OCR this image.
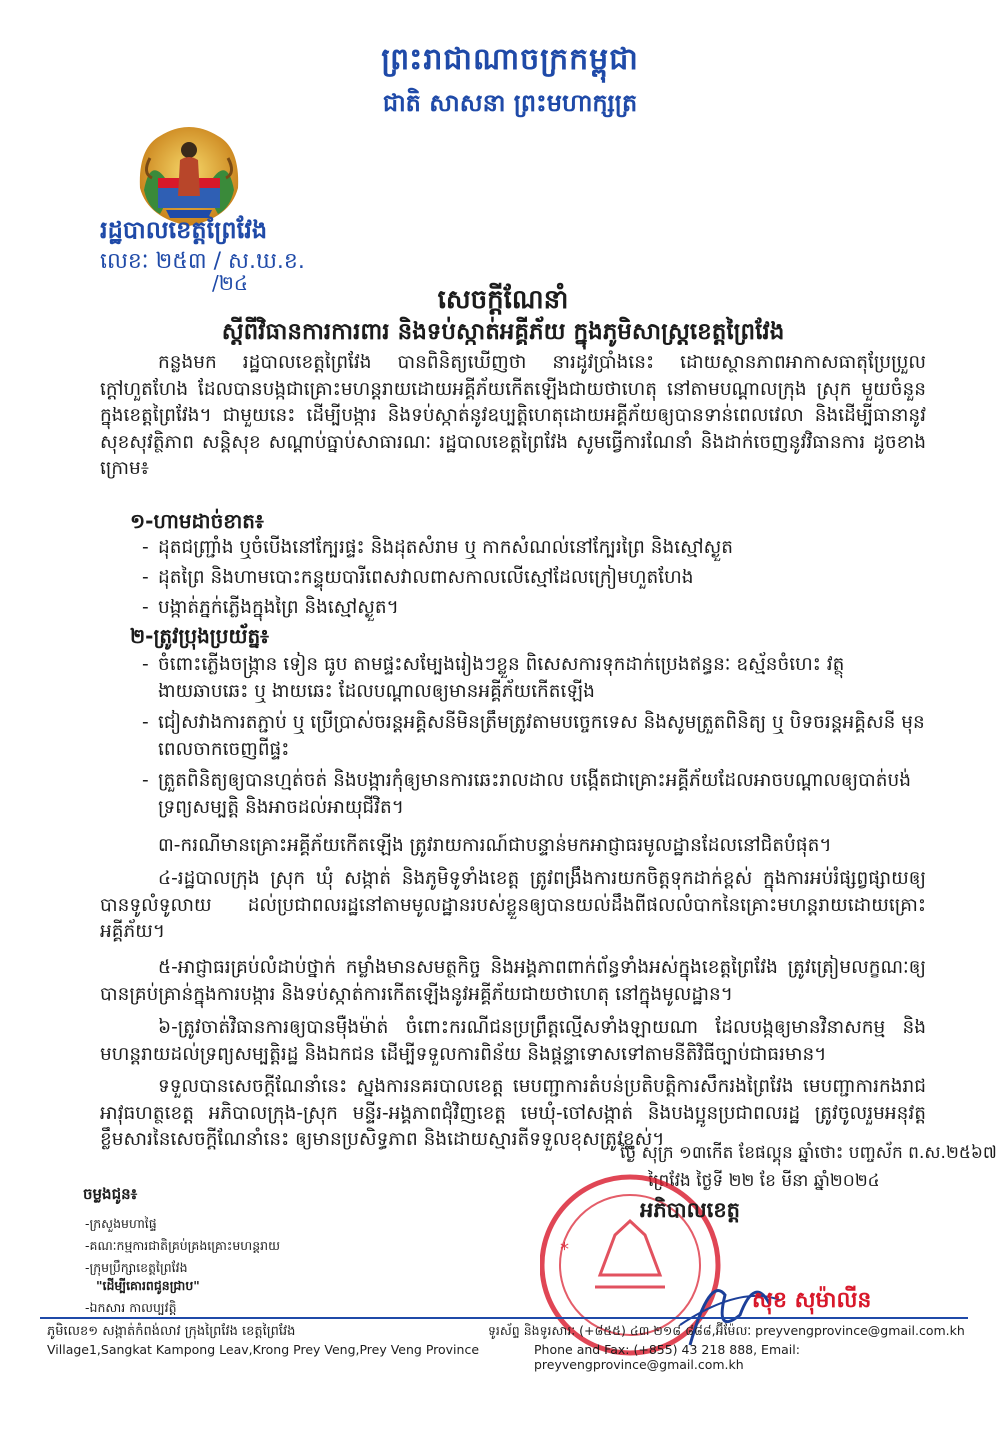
ព្រះរាជាណាចក្រកម្ពុជា
ជាតិ សាសនា ព្រះមហាក្សត្រ
រដ្ឋបាលខេត្តព្រៃវែង
លេខៈ ២៥៣ / ស.ឃ.ខ.
/២៤
សេចក្តីណែនាំ
ស្តីពីវិធានការការពារ និងទប់ស្កាត់អគ្គីភ័យ ក្នុងភូមិសាស្ត្រខេត្តព្រៃវែង
កន្លងមក រដ្ឋបាលខេត្តព្រៃវែង បានពិនិត្យឃើញថា នារដូវប្រាំងនេះ ដោយស្ថានភាពអាកាសធាតុប្រែប្រួលក្តៅហួតហែង ដែលបានបង្កជាគ្រោះមហន្តរាយដោយអគ្គីភ័យកើតឡើងជាយថាហេតុ នៅតាមបណ្តាលក្រុង ស្រុក មួយចំនួន ក្នុងខេត្តព្រៃវែង។ ជាមួយនេះ ដើម្បីបង្ការ និងទប់ស្កាត់នូវឧប្បត្តិហេតុដោយអគ្គីភ័យឲ្យបានទាន់ពេលវេលា និងដើម្បីធានានូវសុខសុវត្ថិភាព សន្តិសុខ សណ្តាប់ធ្នាប់សាធារណៈ រដ្ឋបាលខេត្តព្រៃវែង សូមធ្វើការណែនាំ និងដាក់ចេញនូវវិធានការ ដូចខាងក្រោម៖
១-ហាមដាច់ខាត៖
- ដុតជញ្ជ្រាំង ឬចំបើងនៅក្បែរផ្ទះ និងដុតសំរាម ឬ កាកសំណល់នៅក្បែរព្រៃ និងស្មៅស្ងួត
- ដុតព្រៃ និងហាមបោះកន្ទុយបារីពេសវាលពាសកាលលើស្មៅដែលក្រៀមហួតហែង
- បង្កាត់ភ្នក់ភ្លើងក្នុងព្រៃ និងស្មៅស្ងួត។
២-ត្រូវប្រុងប្រយ័ត្ន៖
- ចំពោះភ្លើងចង្ក្រាន ទៀន ធូប តាមផ្ទះសម្បែងរៀងៗខ្លួន ពិសេសការទុកដាក់ប្រេងឥន្ធនៈ ឧស្ម័នចំហេះ វត្ថុងាយឆាបឆេះ ឬ ងាយឆេះ ដែលបណ្តាលឲ្យមានអគ្គីភ័យកើតឡើង
- ជៀសវាងការតភ្ជាប់ ឬ ប្រើប្រាស់ចរន្តអគ្គិសនីមិនត្រឹមត្រូវតាមបច្ចេកទេស និងសូមត្រួតពិនិត្យ ឬ បិទចរន្តអគ្គិសនី មុនពេលចាកចេញពីផ្ទះ
- ត្រួតពិនិត្យឲ្យបានហ្មត់ចត់ និងបង្ការកុំឲ្យមានការឆេះរាលដាល បង្កើតជាគ្រោះអគ្គីភ័យដែលអាចបណ្តាលឲ្យបាត់បង់ទ្រព្យសម្បត្តិ និងអាចដល់អាយុជីវិត។
៣-ករណីមានគ្រោះអគ្គីភ័យកើតឡើង ត្រូវរាយការណ៍ជាបន្ទាន់មកអាជ្ញាធរមូលដ្ឋានដែលនៅជិតបំផុត។
៤-រដ្ឋបាលក្រុង ស្រុក ឃុំ សង្កាត់ និងភូមិទូទាំងខេត្ត ត្រូវពង្រឹងការយកចិត្តទុកដាក់ខ្ពស់ ក្នុងការអប់រំផ្សព្វផ្សាយឲ្យបានទូលំទូលាយ ដល់ប្រជាពលរដ្ឋនៅតាមមូលដ្ឋានរបស់ខ្លួនឲ្យបានយល់ដឹងពីផលលំបាកនៃគ្រោះមហន្តរាយដោយគ្រោះអគ្គីភ័យ។
៥-អាជ្ញាធរគ្រប់លំដាប់ថ្នាក់ កម្លាំងមានសមត្ថកិច្ច និងអង្គភាពពាក់ព័ន្ធទាំងអស់ក្នុងខេត្តព្រៃវែង ត្រូវត្រៀមលក្ខណៈឲ្យបានគ្រប់គ្រាន់ក្នុងការបង្ការ និងទប់ស្កាត់ការកើតឡើងនូវអគ្គីភ័យជាយថាហេតុ នៅក្នុងមូលដ្ឋាន។
៦-ត្រូវចាត់វិធានការឲ្យបានម៉ឺងម៉ាត់ ចំពោះករណីជនប្រព្រឹត្តល្មើសទាំងឡាយណា ដែលបង្កឲ្យមានវិនាសកម្ម និងមហន្តរាយដល់ទ្រព្យសម្បត្តិរដ្ឋ និងឯកជន ដើម្បីទទួលការពិន័យ និងផ្តន្ទាទោសទៅតាមនីតិវិធីច្បាប់ជាធរមាន។
ទទួលបានសេចក្តីណែនាំនេះ ស្នងការនគរបាលខេត្ត មេបញ្ជាការតំបន់ប្រតិបត្តិការសឹករងព្រៃវែង មេបញ្ជាការកងរាជអាវុធហត្ថខេត្ត អភិបាលក្រុង-ស្រុក មន្ទីរ-អង្គភាពជុំវិញខេត្ត មេឃុំ-ចៅសង្កាត់ និងបងប្អូនប្រជាពលរដ្ឋ ត្រូវចូលរួមអនុវត្តខ្លឹមសារនៃសេចក្តីណែនាំនេះ ឲ្យមានប្រសិទ្ធភាព និងដោយស្មារតីទទួលខុសត្រូវខ្ពស់។
ថ្ងៃ សុក្រ ១៣កើត ខែផល្គុន ឆ្នាំថោះ បញ្ចស័ក ព.ស.២៥៦៧
ព្រៃវែង ថ្ងៃទី ២២ ខែ មីនា ឆ្នាំ២០២៤
*
អភិបាលខេត្ត
សុខ សុម៉ាលីន
ចម្លងជូន៖
-ក្រសួងមហាផ្ទៃ
-គណៈកម្មការជាតិគ្រប់គ្រងគ្រោះមហន្តរាយ
-ក្រុមប្រឹក្សាខេត្តព្រៃវែង
"ដើម្បីគោរពជូនជ្រាប"
-ឯកសារ កាលប្បវត្តិ
ភូមិលេខ១ សង្កាត់កំពង់លាវ ក្រុងព្រៃវែង ខេត្តព្រៃវែង
Village1,Sangkat Kampong Leav,Krong Prey Veng,Prey Veng Province
ទូរស័ព្ទ និងទូរសារៈ (+៨៥៥) ៤៣ ២១៨ ៨៨៨,អ៊ីម៉ែលៈ preyvengprovince@gmail.com.kh
Phone and Fax: (+855) 43 218 888, Email: preyvengprovince@gmail.com.kh
